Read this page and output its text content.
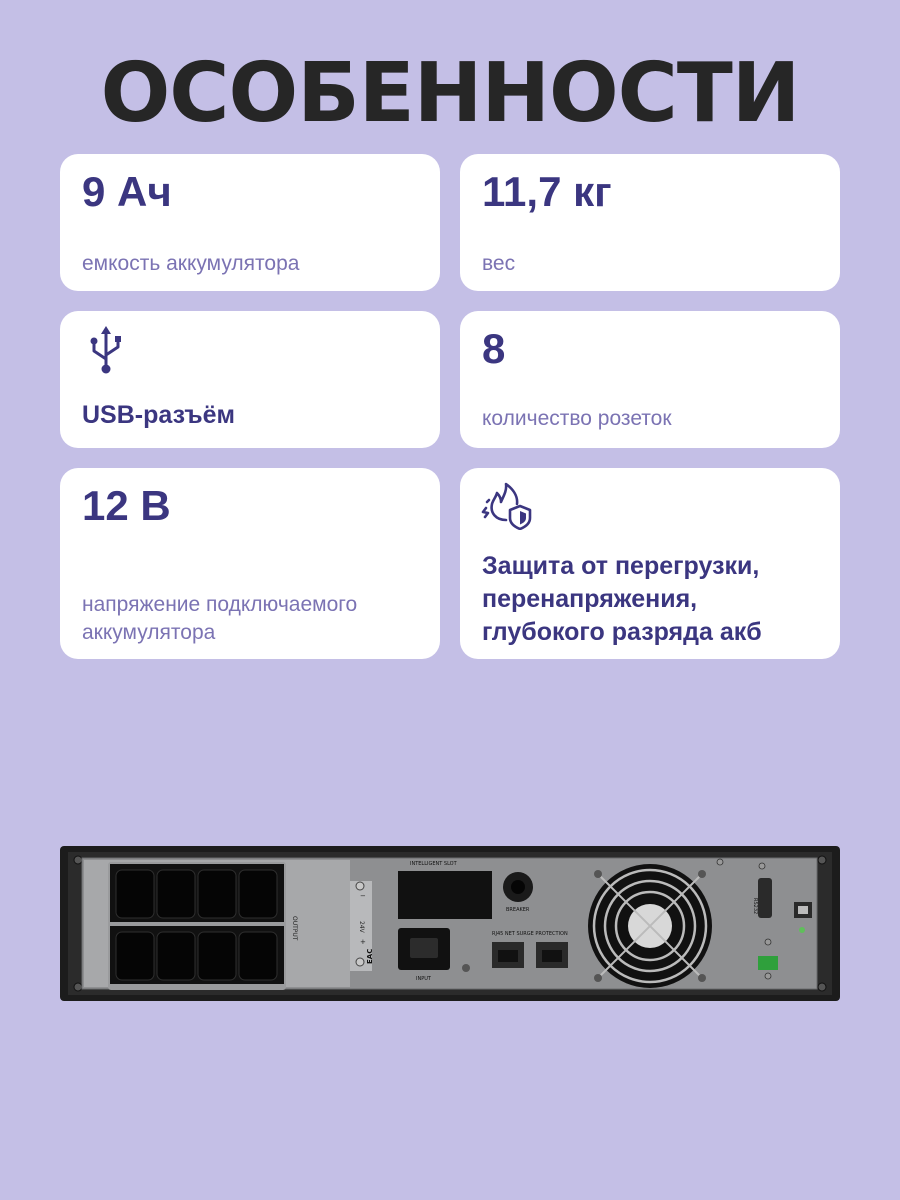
ОСОБЕННОСТИ
9 Ач
емкость аккумулятора
11,7 кг
вес
USB-разъём
8
количество розеток
12 В
напряжение подключаемого
аккумулятора
Защита от перегрузки,
перенапряжения,
глубокого разряда акб
OUTPUT	24V
−
+
EAC
INTELLIGENT SLOT
BREAKER
INPUT
RJ45 NET SURGE PROTECTION
RS232
